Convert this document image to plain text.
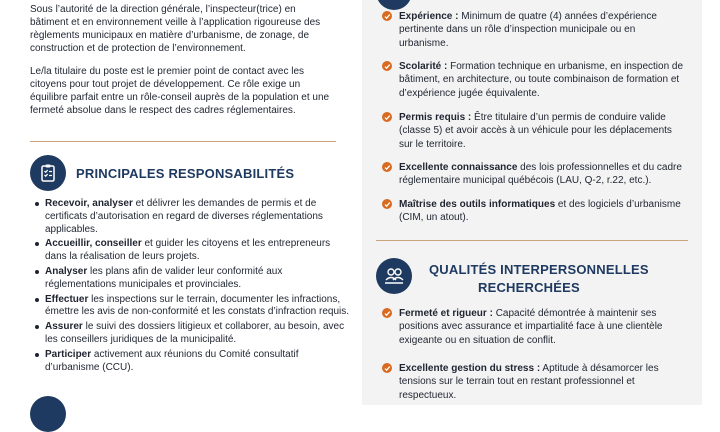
Sous l’autorité de la direction générale, l’inspecteur(trice) en bâtiment et en environnement veille à l’application rigoureuse des règlements municipaux en matière d’urbanisme, de zonage, de construction et de protection de l’environnement.

Le/la titulaire du poste est le premier point de contact avec les citoyens pour tout projet de développement. Ce rôle exige un équilibre parfait entre un rôle-conseil auprès de la population et une fermeté absolue dans le respect des cadres réglementaires.

PRINCIPALES RESPONSABILITÉS
Recevoir, analyser et délivrer les demandes de permis et de certificats d’autorisation en regard de diverses réglementations applicables.
Accueillir, conseiller et guider les citoyens et les entrepreneurs dans la réalisation de leurs projets.
Analyser les plans afin de valider leur conformité aux réglementations municipales et provinciales.
Effectuer les inspections sur le terrain, documenter les infractions, émettre les avis de non-conformité et les constats d’infraction requis.
Assurer le suivi des dossiers litigieux et collaborer, au besoin, avec les conseillers juridiques de la municipalité.
Participer activement aux réunions du Comité consultatif d’urbanisme (CCU).
Expérience : Minimum de quatre (4) années d’expérience pertinente dans un rôle d’inspection municipale ou en urbanisme.
Scolarité : Formation technique en urbanisme, en inspection de bâtiment, en architecture, ou toute combinaison de formation et d’expérience jugée équivalente.
Permis requis : Être titulaire d’un permis de conduire valide (classe 5) et avoir accès à un véhicule pour les déplacements sur le territoire.
Excellente connaissance des lois professionnelles et du cadre réglementaire municipal québécois (LAU, Q-2, r.22, etc.).
Maîtrise des outils informatiques et des logiciels d’urbanisme (CIM, un atout).
QUALITÉS INTERPERSONNELLES
RECHERCHÉES
Fermeté et rigueur : Capacité démontrée à maintenir ses positions avec assurance et impartialité face à une clientèle exigeante ou en situation de conflit.
Excellente gestion du stress : Aptitude à désamorcer les tensions sur le terrain tout en restant professionnel et respectueux.
